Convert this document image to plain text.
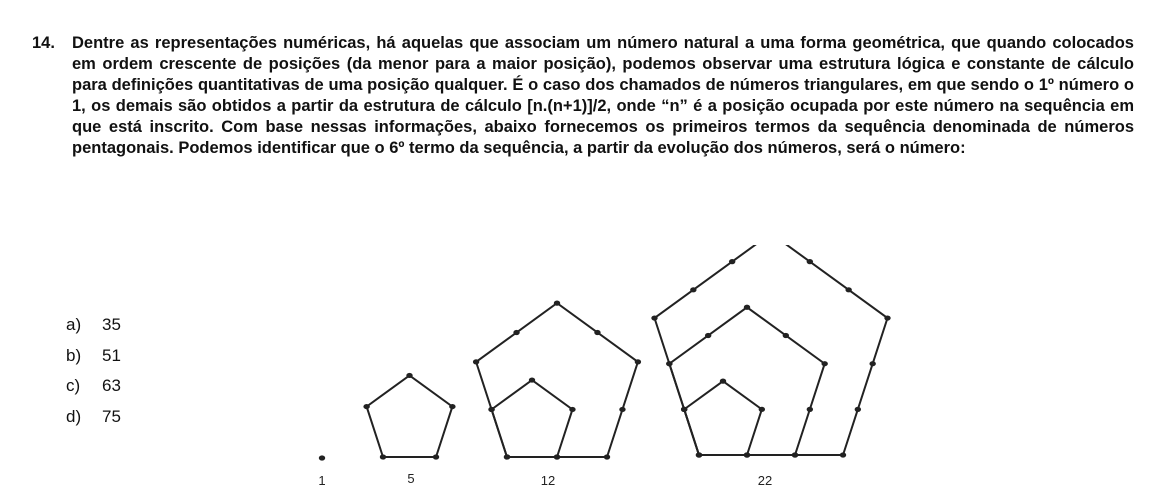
14.	Dentre as representações numéricas, há aquelas que associam um número natural a uma forma geométrica, que quando colocados em ordem crescente de posições (da menor para a maior posição), podemos observar uma estrutura lógica e constante de cálculo para definições quantitativas de uma posição qualquer. É o caso dos chamados de números triangulares, em que sendo o 1º número o 1, os demais são obtidos a partir da estrutura de cálculo [n.(n+1)]/2, onde “n” é a posição ocupada por este número na sequência em que está inscrito. Com base nessas informações, abaixo fornecemos os primeiros termos da sequência denominada de números pentagonais. Podemos identificar que o 6º termo da sequência, a partir da evolução dos números, será o número:
a)	35
b)	51
c)	63
d)	75
1	5	12	22
